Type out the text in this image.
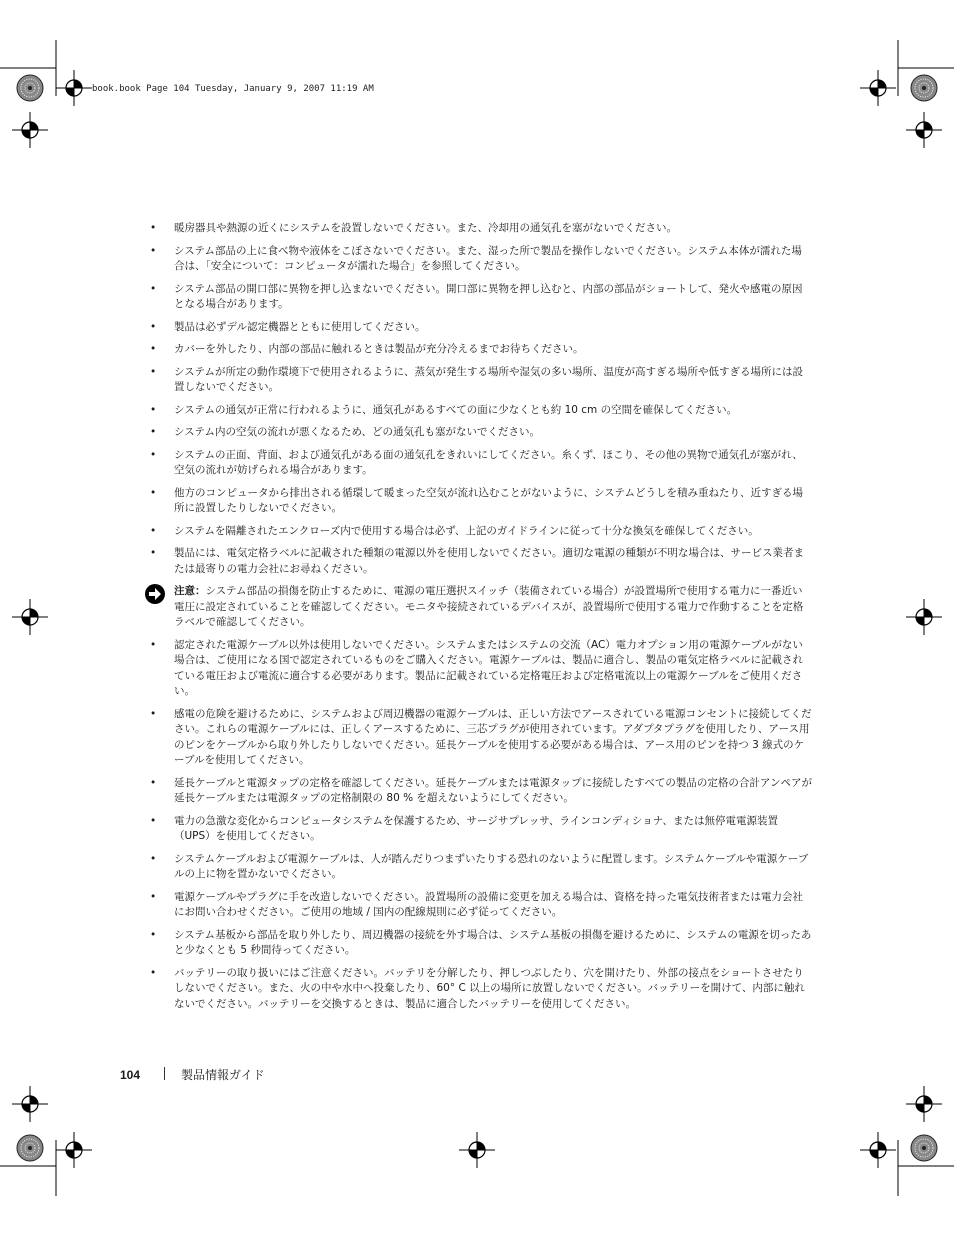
book.book Page 104 Tuesday, January 9, 2007 11:19 AM
• 暖房器具や熱源の近くにシステムを設置しないでください。また、冷却用の通気孔を塞がないでください。
• システム部品の上に食べ物や液体をこぼさないでください。また、湿った所で製品を操作しないでください。システム本体が濡れた場合は、「安全について：コンピュータが濡れた場合」を参照してください。
• システム部品の開口部に異物を押し込まないでください。開口部に異物を押し込むと、内部の部品がショートして、発火や感電の原因となる場合があります。
• 製品は必ずデル認定機器とともに使用してください。
• カバーを外したり、内部の部品に触れるときは製品が充分冷えるまでお待ちください。
• システムが所定の動作環境下で使用されるように、蒸気が発生する場所や湿気の多い場所、温度が高すぎる場所や低すぎる場所には設置しないでください。
• システムの通気が正常に行われるように、通気孔があるすべての面に少なくとも約 10 cm の空間を確保してください。
• システム内の空気の流れが悪くなるため、どの通気孔も塞がないでください。
• システムの正面、背面、および通気孔がある面の通気孔をきれいにしてください。糸くず、ほこり、その他の異物で通気孔が塞がれ、空気の流れが妨げられる場合があります。
• 他方のコンピュータから排出される循環して暖まった空気が流れ込むことがないように、システムどうしを積み重ねたり、近すぎる場所に設置したりしないでください。
• システムを隔離されたエンクローズ内で使用する場合は必ず、上記のガイドラインに従って十分な換気を確保してください。
• 製品には、電気定格ラベルに記載された種類の電源以外を使用しないでください。適切な電源の種類が不明な場合は、サービス業者または最寄りの電力会社にお尋ねください。
注意：システム部品の損傷を防止するために、電源の電圧選択スイッチ（装備されている場合）が設置場所で使用する電力に一番近い電圧に設定されていることを確認してください。モニタや接続されているデバイスが、設置場所で使用する電力で作動することを定格ラベルで確認してください。
• 認定された電源ケーブル以外は使用しないでください。システムまたはシステムの交流（AC）電力オプション用の電源ケーブルがない場合は、ご使用になる国で認定されているものをご購入ください。電源ケーブルは、製品に適合し、製品の電気定格ラベルに記載されている電圧および電流に適合する必要があります。製品に記載されている定格電圧および定格電流以上の電源ケーブルをご使用ください。
• 感電の危険を避けるために、システムおよび周辺機器の電源ケーブルは、正しい方法でアースされている電源コンセントに接続してください。これらの電源ケーブルには、正しくアースするために、三芯プラグが使用されています。アダプタプラグを使用したり、アース用のピンをケーブルから取り外したりしないでください。延長ケーブルを使用する必要がある場合は、アース用のピンを持つ 3 線式のケーブルを使用してください。
• 延長ケーブルと電源タップの定格を確認してください。延長ケーブルまたは電源タップに接続したすべての製品の定格の合計アンペアが延長ケーブルまたは電源タップの定格制限の 80 % を超えないようにしてください。
• 電力の急激な変化からコンピュータシステムを保護するため、サージサプレッサ、ラインコンディショナ、または無停電電源装置（UPS）を使用してください。
• システムケーブルおよび電源ケーブルは、人が踏んだりつまずいたりする恐れのないように配置します。システムケーブルや電源ケーブルの上に物を置かないでください。
• 電源ケーブルやプラグに手を改造しないでください。設置場所の設備に変更を加える場合は、資格を持った電気技術者または電力会社にお問い合わせください。ご使用の地域 / 国内の配線規則に必ず従ってください。
• システム基板から部品を取り外したり、周辺機器の接続を外す場合は、システム基板の損傷を避けるために、システムの電源を切ったあと少なくとも 5 秒間待ってください。
• バッテリーの取り扱いにはご注意ください。バッテリを分解したり、押しつぶしたり、穴を開けたり、外部の接点をショートさせたりしないでください。また、火の中や水中へ投棄したり、60° C 以上の場所に放置しないでください。バッテリーを開けて、内部に触れないでください。バッテリーを交換するときは、製品に適合したバッテリーを使用してください。
104	製品情報ガイド
